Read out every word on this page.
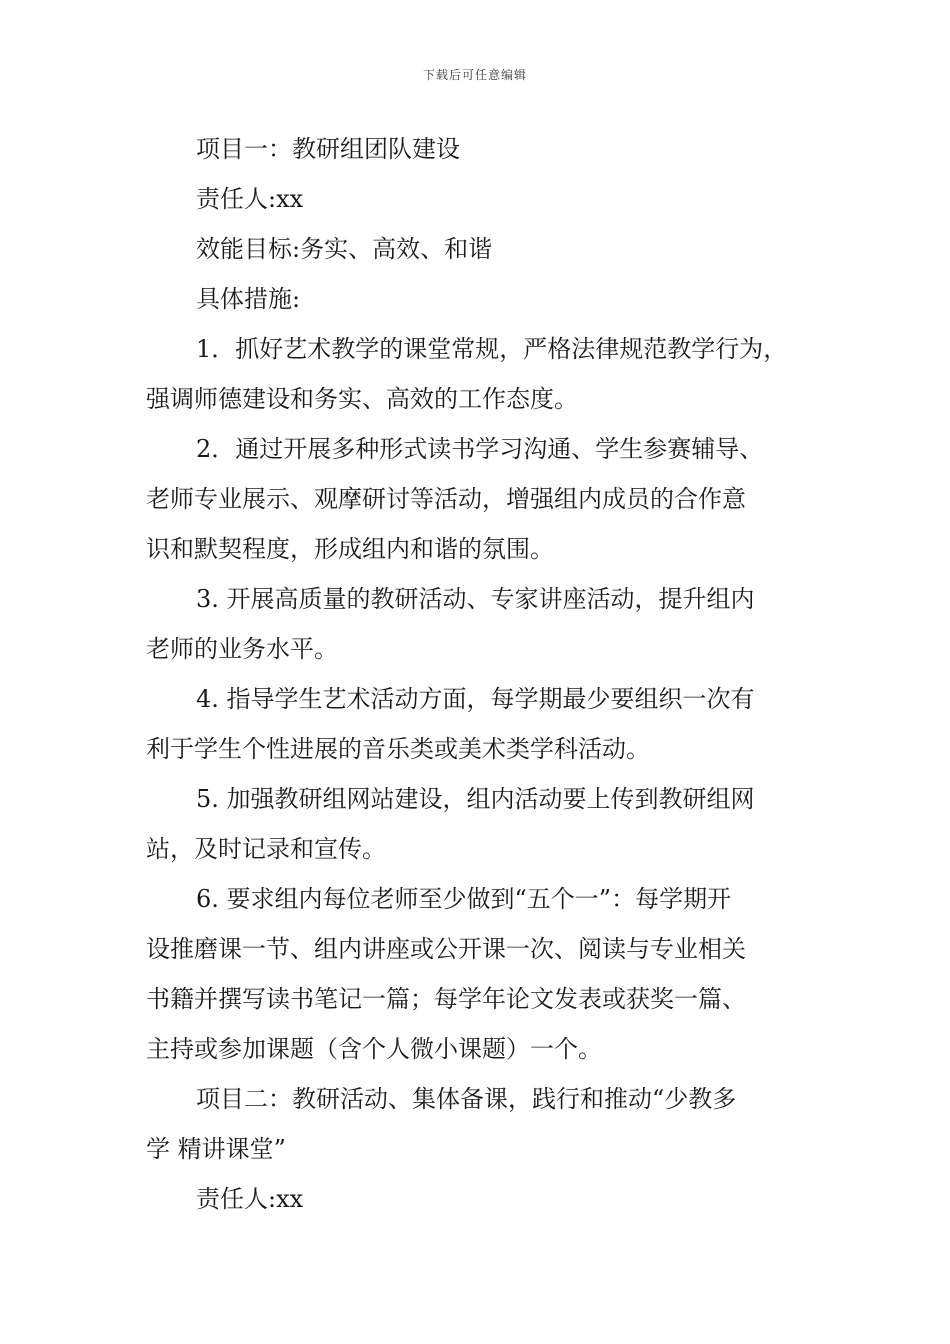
下载后可任意编辑
项目一：教研组团队建设
责任人:xx
效能目标:务实、高效、和谐
具体措施:
1．抓好艺术教学的课堂常规，严格法律规范教学行为，
强调师德建设和务实、高效的工作态度。
2．通过开展多种形式读书学习沟通、学生参赛辅导、
老师专业展示、观摩研讨等活动，增强组内成员的合作意
识和默契程度，形成组内和谐的氛围。
3. 开展高质量的教研活动、专家讲座活动，提升组内
老师的业务水平。
4. 指导学生艺术活动方面，每学期最少要组织一次有
利于学生个性进展的音乐类或美术类学科活动。
5. 加强教研组网站建设，组内活动要上传到教研组网
站，及时记录和宣传。
6. 要求组内每位老师至少做到“五个一”：每学期开
设推磨课一节、组内讲座或公开课一次、阅读与专业相关
书籍并撰写读书笔记一篇；每学年论文发表或获奖一篇、
主持或参加课题（含个人微小课题）一个。
项目二：教研活动、集体备课，践行和推动“少教多
学 精讲课堂”
责任人:xx
